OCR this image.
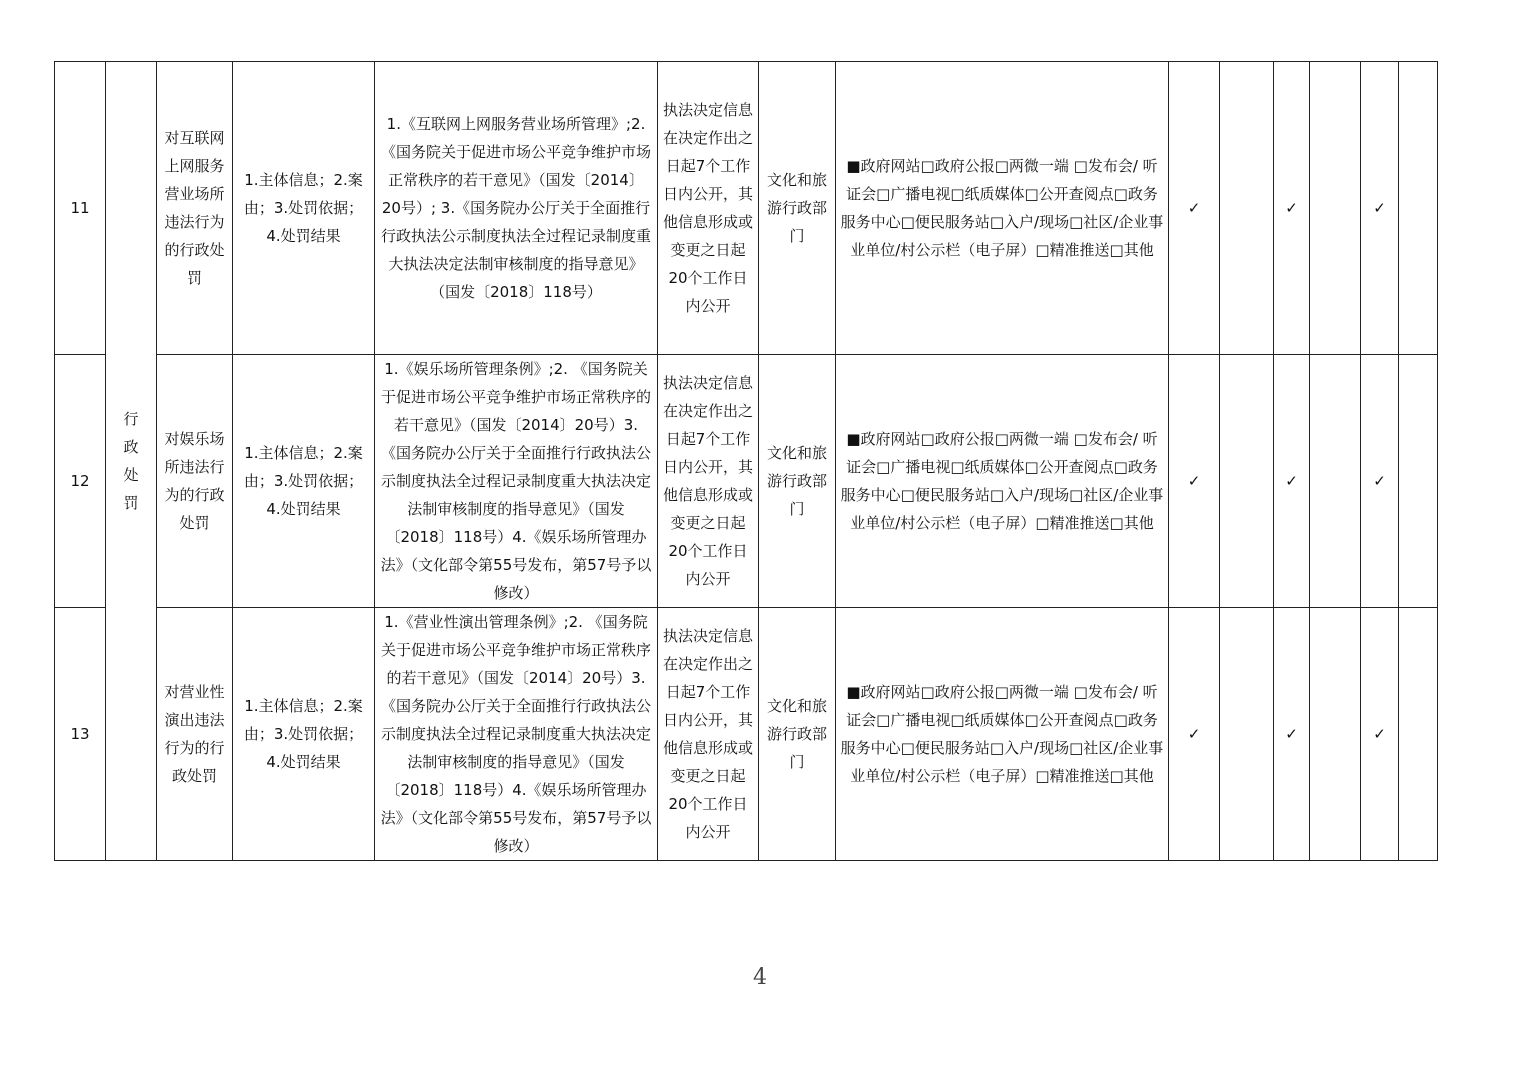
11	行政处罚	对互联网上网服务营业场所违法行为的行政处罚	1.主体信息；2.案由；3.处罚依据；4.处罚结果	1.《互联网上网服务营业场所管理》;2.《国务院关于促进市场公平竞争维护市场正常秩序的若干意见》（国发〔2014〕20号）; 3.《国务院办公厅关于全面推行行政执法公示制度执法全过程记录制度重大执法决定法制审核制度的指导意见》（国发〔2018〕118号）	执法决定信息在决定作出之日起7个工作日内公开，其他信息形成或变更之日起20个工作日内公开	文化和旅游行政部门	■政府网站□政府公报□两微一端 □发布会/ 听证会□广播电视□纸质媒体□公开查阅点□政务服务中心□便民服务站□入户/现场□社区/企业事业单位/村公示栏（电子屏）□精准推送□其他	✓		✓		✓	
12		对娱乐场所违法行为的行政处罚	1.主体信息；2.案由；3.处罚依据；4.处罚结果	1.《娱乐场所管理条例》;2. 《国务院关于促进市场公平竞争维护市场正常秩序的若干意见》（国发〔2014〕20号）3.《国务院办公厅关于全面推行行政执法公示制度执法全过程记录制度重大执法决定法制审核制度的指导意见》（国发〔2018〕118号）4.《娱乐场所管理办法》（文化部令第55号发布，第57号予以修改）	执法决定信息在决定作出之日起7个工作日内公开，其他信息形成或变更之日起20个工作日内公开	文化和旅游行政部门	■政府网站□政府公报□两微一端 □发布会/ 听证会□广播电视□纸质媒体□公开查阅点□政务服务中心□便民服务站□入户/现场□社区/企业事业单位/村公示栏（电子屏）□精准推送□其他	✓		✓		✓	
13		对营业性演出违法行为的行政处罚	1.主体信息；2.案由；3.处罚依据；4.处罚结果	1.《营业性演出管理条例》;2. 《国务院关于促进市场公平竞争维护市场正常秩序的若干意见》（国发〔2014〕20号）3.《国务院办公厅关于全面推行行政执法公示制度执法全过程记录制度重大执法决定法制审核制度的指导意见》（国发〔2018〕118号）4.《娱乐场所管理办法》（文化部令第55号发布，第57号予以修改）	执法决定信息在决定作出之日起7个工作日内公开，其他信息形成或变更之日起20个工作日内公开	文化和旅游行政部门	■政府网站□政府公报□两微一端 □发布会/ 听证会□广播电视□纸质媒体□公开查阅点□政务服务中心□便民服务站□入户/现场□社区/企业事业单位/村公示栏（电子屏）□精准推送□其他	✓		✓		✓	
4
